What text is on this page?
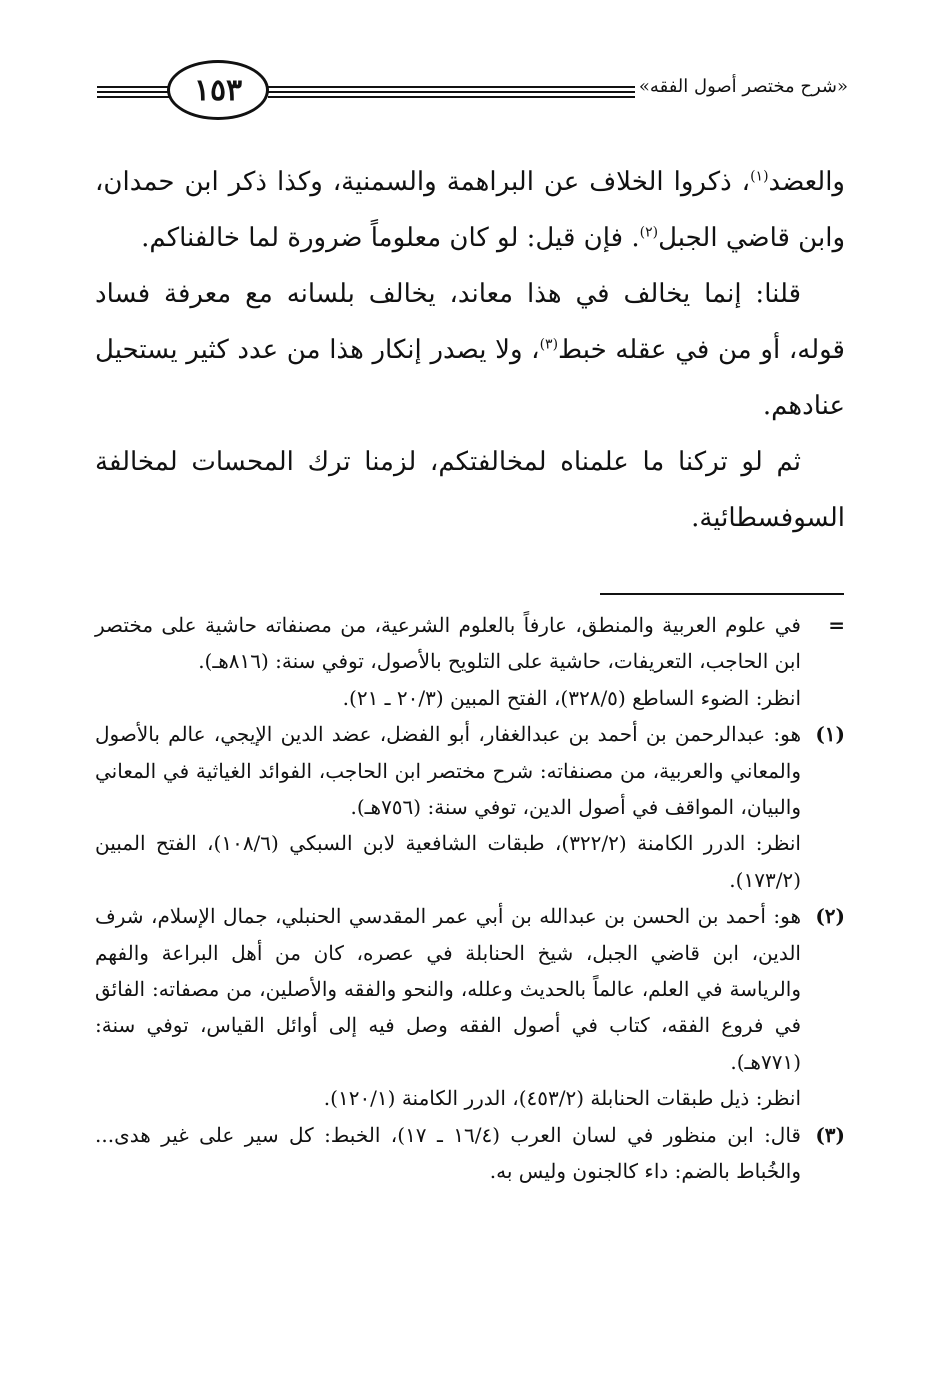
١٥٣	«شرح مختصر أصول الفقه»

والعضد$^{(١)}$، ذكروا الخلاف عن البراهمة والسمنية، وكذا ذكر ابن حمدان، وابن قاضي الجبل$^{(٢)}$. فإن قيل: لو كان معلوماً ضرورة لما خالفناكم.

قلنا: إنما يخالف في هذا معاند، يخالف بلسانه مع معرفة فساد قوله، أو من في عقله خبط$^{(٣)}$، ولا يصدر إنكار هذا من عدد كثير يستحيل عنادهم.

ثم لو تركنا ما علمناه لمخالفتكم، لزمنا ترك المحسات لمخالفة السوفسطائية.

=
في علوم العربية والمنطق، عارفاً بالعلوم الشرعية، من مصنفاته حاشية على مختصر ابن الحاجب، التعريفات، حاشية على التلويح بالأصول، توفي سنة: (٨١٦هـ).
انظر: الضوء الساطع (٣٢٨/٥)، الفتح المبين (٢٠/٣ ـ ٢١).
(١)
هو: عبدالرحمن بن أحمد بن عبدالغفار، أبو الفضل، عضد الدين الإيجي، عالم بالأصول والمعاني والعربية، من مصنفاته: شرح مختصر ابن الحاجب، الفوائد الغياثية في المعاني والبيان، المواقف في أصول الدين، توفي سنة: (٧٥٦هـ).
انظر: الدرر الكامنة (٣٢٢/٢)، طبقات الشافعية لابن السبكي (١٠٨/٦)، الفتح المبين (١٧٣/٢).
(٢)
هو: أحمد بن الحسن بن عبدالله بن أبي عمر المقدسي الحنبلي، جمال الإسلام، شرف الدين، ابن قاضي الجبل، شيخ الحنابلة في عصره، كان من أهل البراعة والفهم والرياسة في العلم، عالماً بالحديث وعلله، والنحو والفقه والأصلين، من مصفاته: الفائق في فروع الفقه، كتاب في أصول الفقه وصل فيه إلى أوائل القياس، توفي سنة: (٧٧١هـ).
انظر: ذيل طبقات الحنابلة (٤٥٣/٢)، الدرر الكامنة (١٢٠/١).
(٣)
قال: ابن منظور في لسان العرب (١٦/٤ ـ ١٧)، الخبط: كل سير على غير هدى... والخُباط بالضم: داء كالجنون وليس به.
